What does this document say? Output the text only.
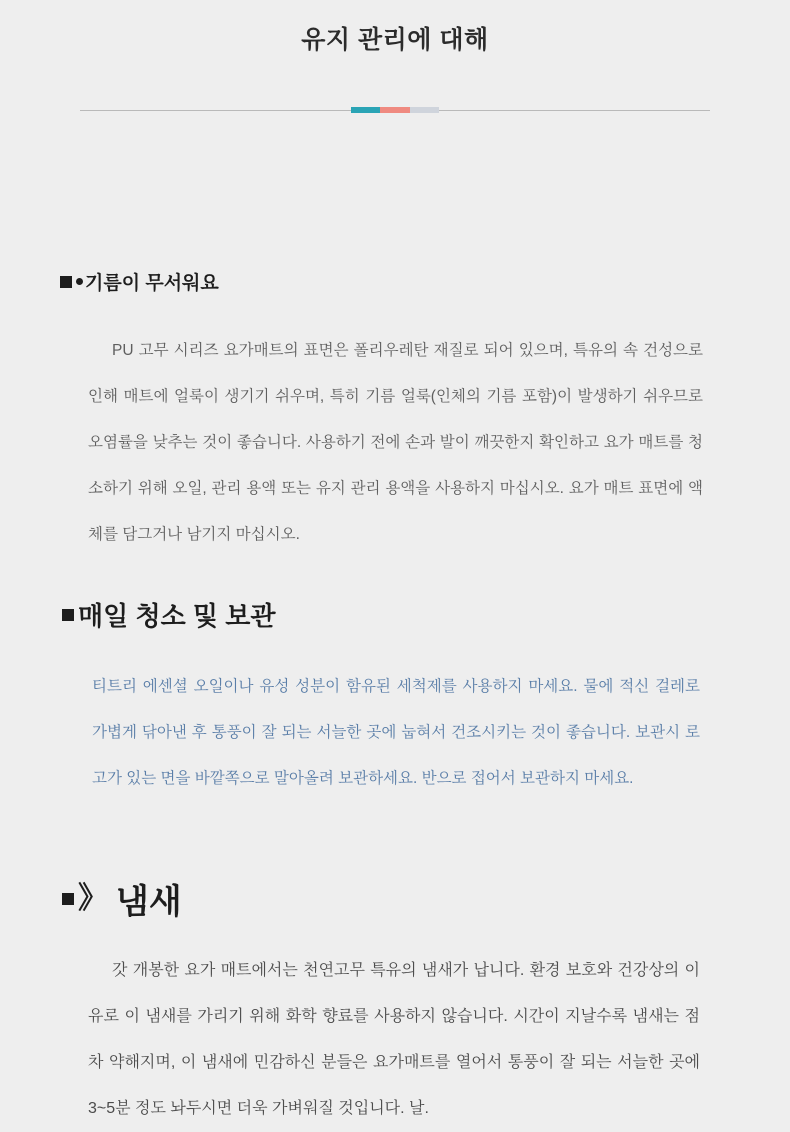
유지 관리에 대해
기름이 무서워요
PU 고무 시리즈 요가매트의 표면은 폴리우레탄 재질로 되어 있으며, 특유의 속 건성으로 인해 매트에 얼룩이 생기기 쉬우며, 특히 기름 얼룩(인체의 기름 포함)이 발생하기 쉬우므로 오염률을 낮추는 것이 좋습니다. 사용하기 전에 손과 발이 깨끗한지 확인하고 요가 매트를 청소하기 위해 오일, 관리 용액 또는 유지 관리 용액을 사용하지 마십시오. 요가 매트 표면에 액체를 담그거나 남기지 마십시오.
매일 청소 및 보관
티트리 에센셜 오일이나 유성 성분이 함유된 세척제를 사용하지 마세요. 물에 적신 걸레로 가볍게 닦아낸 후 통풍이 잘 되는 서늘한 곳에 눕혀서 건조시키는 것이 좋습니다. 보관시 로고가 있는 면을 바깥쪽으로 말아올려 보관하세요. 반으로 접어서 보관하지 마세요.
》 냄새
갓 개봉한 요가 매트에서는 천연고무 특유의 냄새가 납니다. 환경 보호와 건강상의 이유로 이 냄새를 가리기 위해 화학 향료를 사용하지 않습니다. 시간이 지날수록 냄새는 점차 약해지며, 이 냄새에 민감하신 분들은 요가매트를 열어서 통풍이 잘 되는 서늘한 곳에 3~5분 정도 놔두시면 더욱 가벼워질 것입니다. 날.
